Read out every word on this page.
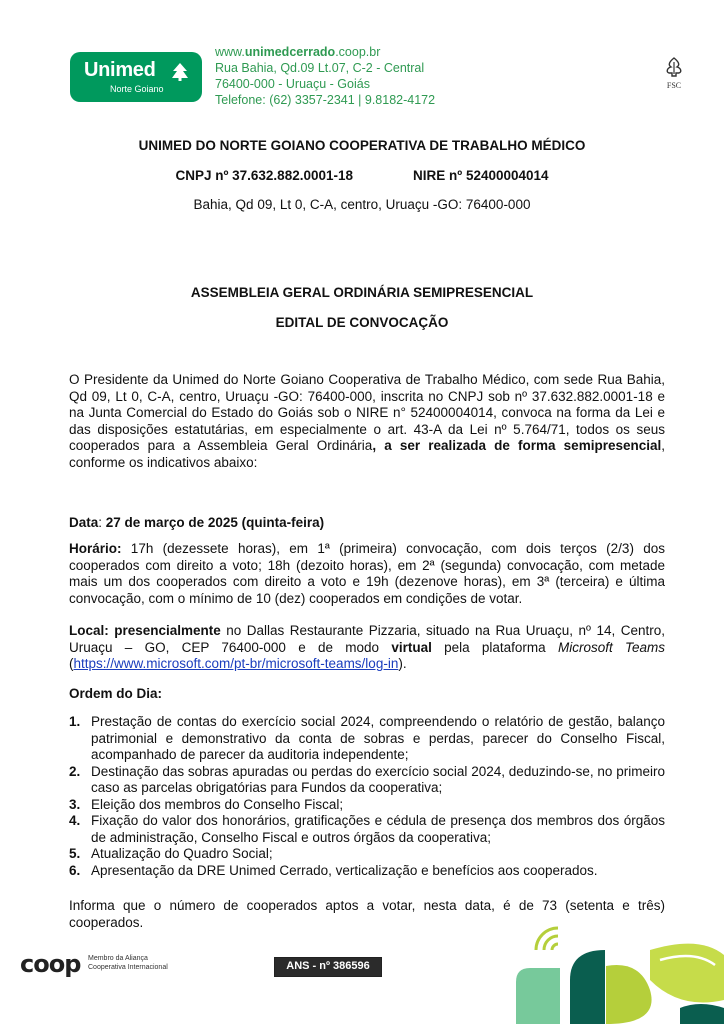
Unimed
Norte Goiano
www.unimedcerrado.coop.br
Rua Bahia, Qd.09 Lt.07, C-2 - Central
76400-000 - Uruaçu - Goiás
Telefone: (62) 3357-2341 | 9.8182-4172
FSC
UNIMED DO NORTE GOIANO COOPERATIVA DE TRABALHO MÉDICO
CNPJ nº 37.632.882.0001-18	NIRE nº 52400004014
Bahia, Qd 09, Lt 0, C-A, centro, Uruaçu -GO: 76400-000
ASSEMBLEIA GERAL ORDINÁRIA SEMIPRESENCIAL
EDITAL DE CONVOCAÇÃO
O Presidente da Unimed do Norte Goiano Cooperativa de Trabalho Médico, com sede Rua Bahia, Qd 09, Lt 0, C-A, centro, Uruaçu -GO: 76400-000, inscrita no CNPJ sob nº 37.632.882.0001-18 e na Junta Comercial do Estado do Goiás sob o NIRE n° 52400004014, convoca na forma da Lei e das disposições estatutárias, em especialmente o art. 43-A da Lei nº 5.764/71, todos os seus cooperados para a Assembleia Geral Ordinária, a ser realizada de forma semipresencial, conforme os indicativos abaixo:
Data: 27 de março de 2025 (quinta-feira)
Horário: 17h (dezessete horas), em 1ª (primeira) convocação, com dois terços (2/3) dos cooperados com direito a voto; 18h (dezoito horas), em 2ª (segunda) convocação, com metade mais um dos cooperados com direito a voto e 19h (dezenove horas), em 3ª (terceira) e última convocação, com o mínimo de 10 (dez) cooperados em condições de votar.
Local: presencialmente no Dallas Restaurante Pizzaria, situado na Rua Uruaçu, nº 14, Centro, Uruaçu – GO, CEP 76400-000 e de modo virtual pela plataforma Microsoft Teams (https://www.microsoft.com/pt-br/microsoft-teams/log-in).
Ordem do Dia:
1. Prestação de contas do exercício social 2024, compreendendo o relatório de gestão, balanço patrimonial e demonstrativo da conta de sobras e perdas, parecer do Conselho Fiscal, acompanhado de parecer da auditoria independente;
2. Destinação das sobras apuradas ou perdas do exercício social 2024, deduzindo-se, no primeiro caso as parcelas obrigatórias para Fundos da cooperativa;
3. Eleição dos membros do Conselho Fiscal;
4. Fixação do valor dos honorários, gratificações e cédula de presença dos membros dos órgãos de administração, Conselho Fiscal e outros órgãos da cooperativa;
5. Atualização do Quadro Social;
6. Apresentação da DRE Unimed Cerrado, verticalização e benefícios aos cooperados.
Informa que o número de cooperados aptos a votar, nesta data, é de 73 (setenta e três) cooperados.
coop Membro da Aliança Cooperativa Internacional	ANS - nº 386596
